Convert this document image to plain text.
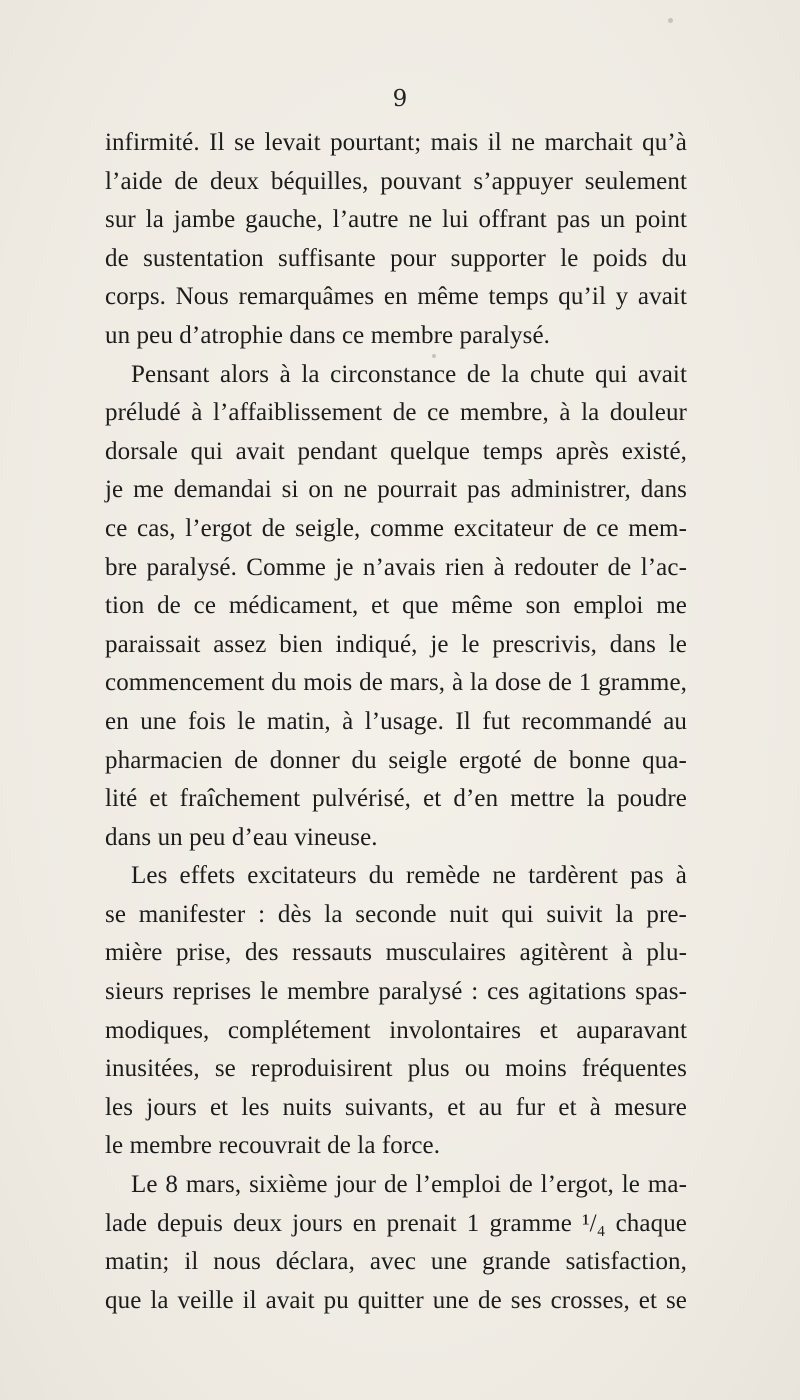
9
infirmité. Il se levait pourtant; mais il ne marchait qu’à
l’aide de deux béquilles, pouvant s’appuyer seulement
sur la jambe gauche, l’autre ne lui offrant pas un point
de sustentation suffisante pour supporter le poids du
corps. Nous remarquâmes en même temps qu’il y avait
un peu d’atrophie dans ce membre paralysé.
Pensant alors à la circonstance de la chute qui avait
préludé à l’affaiblissement de ce membre, à la douleur
dorsale qui avait pendant quelque temps après existé,
je me demandai si on ne pourrait pas administrer, dans
ce cas, l’ergot de seigle, comme excitateur de ce mem-
bre paralysé. Comme je n’avais rien à redouter de l’ac-
tion de ce médicament, et que même son emploi me
paraissait assez bien indiqué, je le prescrivis, dans le
commencement du mois de mars, à la dose de 1 gramme,
en une fois le matin, à l’usage. Il fut recommandé au
pharmacien de donner du seigle ergoté de bonne qua-
lité et fraîchement pulvérisé, et d’en mettre la poudre
dans un peu d’eau vineuse.
Les effets excitateurs du remède ne tardèrent pas à
se manifester : dès la seconde nuit qui suivit la pre-
mière prise, des ressauts musculaires agitèrent à plu-
sieurs reprises le membre paralysé : ces agitations spas-
modiques, complétement involontaires et auparavant
inusitées, se reproduisirent plus ou moins fréquentes
les jours et les nuits suivants, et au fur et à mesure
le membre recouvrait de la force.
Le 8 mars, sixième jour de l’emploi de l’ergot, le ma-
lade depuis deux jours en prenait 1 gramme ¹/₄ chaque
matin; il nous déclara, avec une grande satisfaction,
que la veille il avait pu quitter une de ses crosses, et se
